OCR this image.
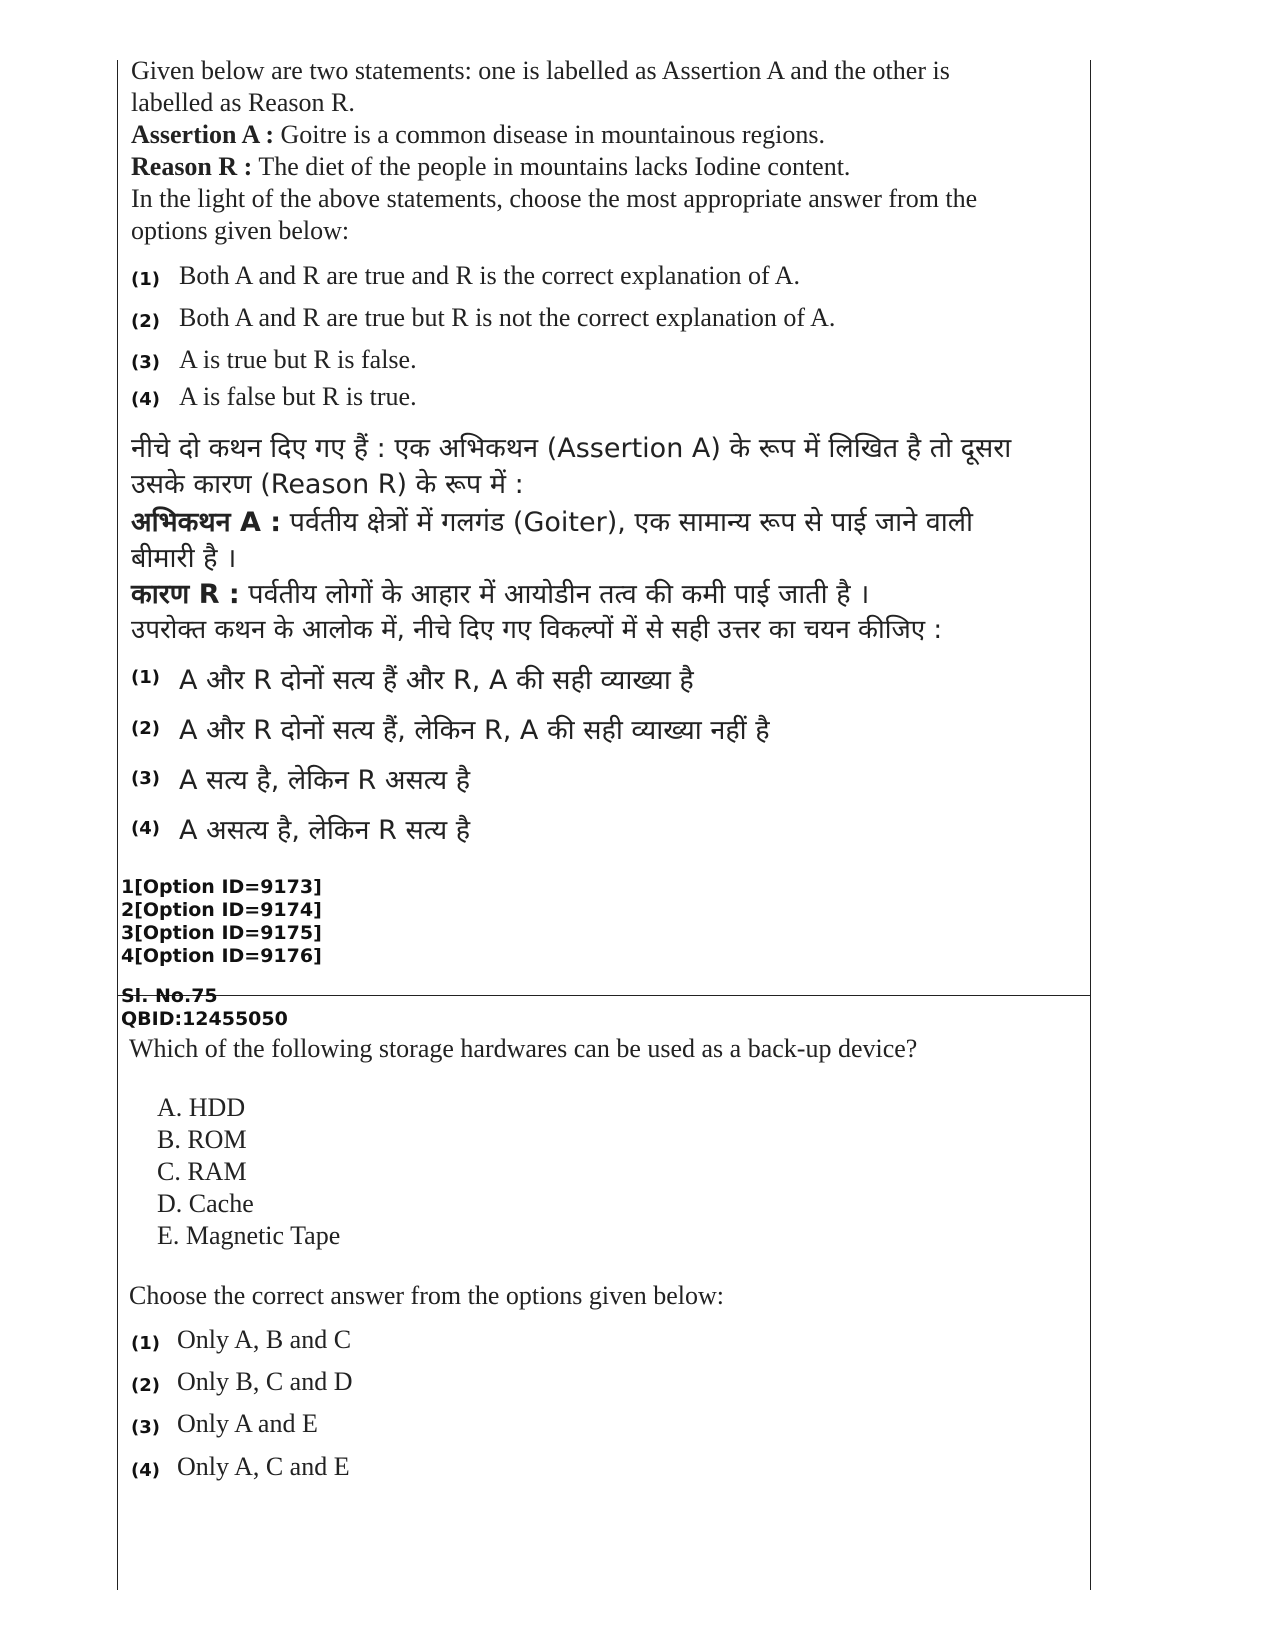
Given below are two statements: one is labelled as Assertion A and the other is
labelled as Reason R.
Assertion A : Goitre is a common disease in mountainous regions.
Reason R : The diet of the people in mountains lacks Iodine content.
In the light of the above statements, choose the most appropriate answer from the
options given below:
(1) Both A and R are true and R is the correct explanation of A.
(2) Both A and R are true but R is not the correct explanation of A.
(3) A is true but R is false.
(4) A is false but R is true.
नीचे दो कथन दिए गए हैं : एक अभिकथन (Assertion A) के रूप में लिखित है तो दूसरा
उसके कारण (Reason R) के रूप में :
अभिकथन A : पर्वतीय क्षेत्रों में गलगंड (Goiter), एक सामान्य रूप से पाई जाने वाली
बीमारी है ।
कारण R : पर्वतीय लोगों के आहार में आयोडीन तत्व की कमी पाई जाती है ।
उपरोक्त कथन के आलोक में, नीचे दिए गए विकल्पों में से सही उत्तर का चयन कीजिए :
(1) A और R दोनों सत्य हैं और R, A की सही व्याख्या है
(2) A और R दोनों सत्य हैं, लेकिन R, A की सही व्याख्या नहीं है
(3) A सत्य है, लेकिन R असत्य है
(4) A असत्य है, लेकिन R सत्य है
1[Option ID=9173]
2[Option ID=9174]
3[Option ID=9175]
4[Option ID=9176]
Sl. No.75
QBID:12455050
Which of the following storage hardwares can be used as a back-up device?
A. HDD
B. ROM
C. RAM
D. Cache
E. Magnetic Tape
Choose the correct answer from the options given below:
(1) Only A, B and C
(2) Only B, C and D
(3) Only A and E
(4) Only A, C and E
